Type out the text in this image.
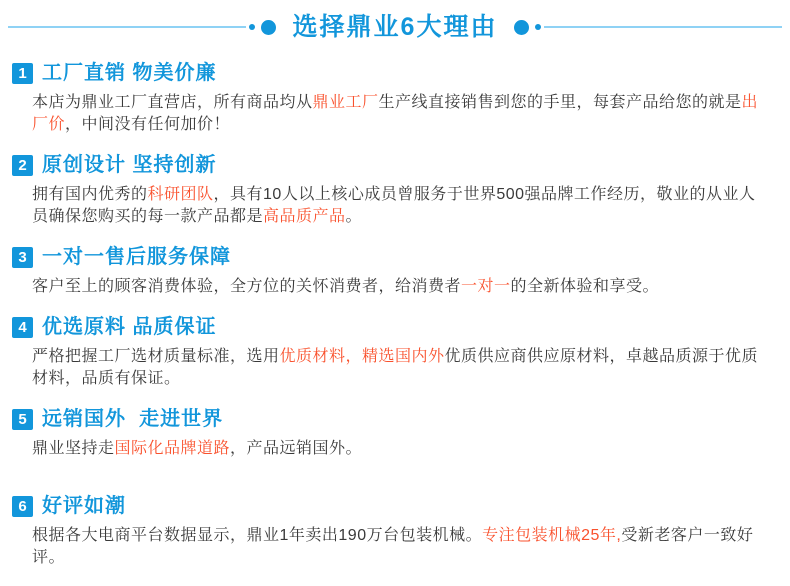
选择鼎业6大理由
1 工厂直销 物美价廉

本店为鼎业工厂直营店，所有商品均从鼎业工厂生产线直接销售到您的手里，每套产品给您的就是出厂价，中间没有任何加价！

2 原创设计 坚持创新

拥有国内优秀的科研团队，具有10人以上核心成员曾服务于世界500强品牌工作经历，敬业的从业人员确保您购买的每一款产品都是高品质产品。

3 一对一售后服务保障

客户至上的顾客消费体验，全方位的关怀消费者，给消费者一对一的全新体验和享受。

4 优选原料 品质保证

严格把握工厂选材质量标准，选用优质材料，精选国内外优质供应商供应原材料，卓越品质源于优质材料，品质有保证。

5 远销国外  走进世界

鼎业坚持走国际化品牌道路，产品远销国外。

6 好评如潮

根据各大电商平台数据显示，鼎业1年卖出190万台包装机械。专注包装机械25年,受新老客户一致好评。
